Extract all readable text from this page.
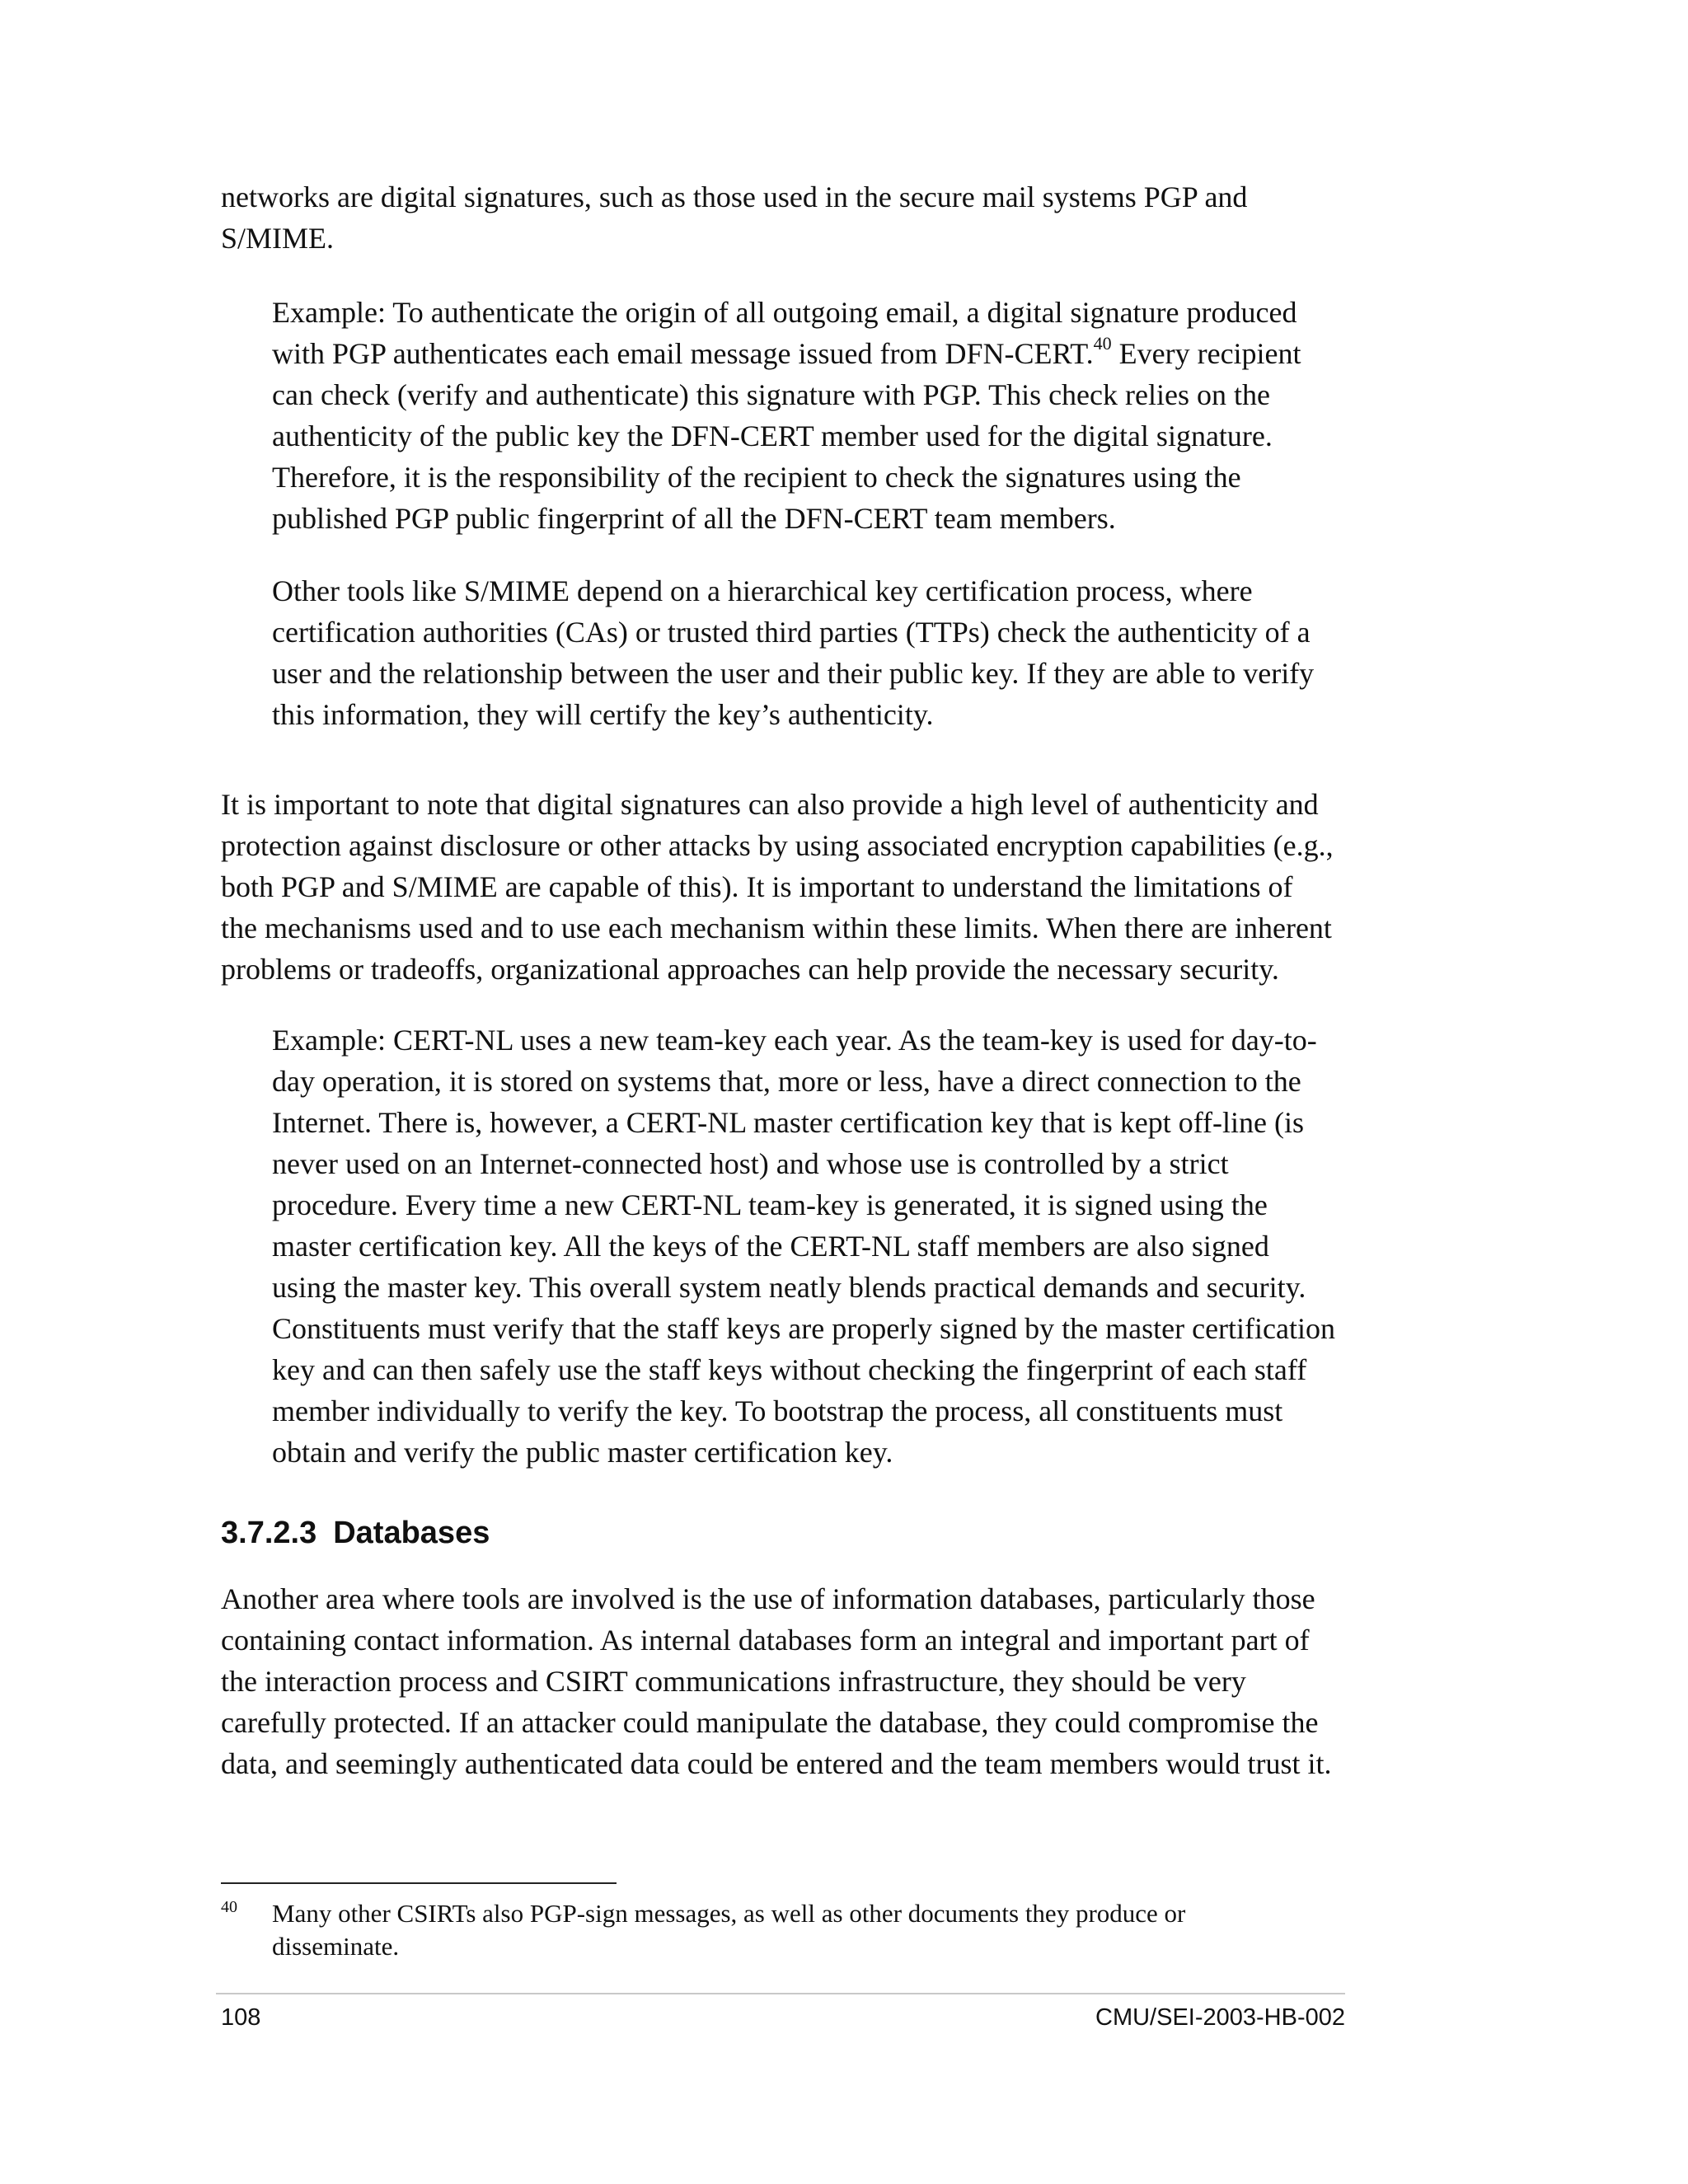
networks are digital signatures, such as those used in the secure mail systems PGP and
S/MIME.

Example: To authenticate the origin of all outgoing email, a digital signature produced
with PGP authenticates each email message issued from DFN-CERT.$^{40}$ Every recipient
can check (verify and authenticate) this signature with PGP. This check relies on the
authenticity of the public key the DFN-CERT member used for the digital signature.
Therefore, it is the responsibility of the recipient to check the signatures using the
published PGP public fingerprint of all the DFN-CERT team members.

Other tools like S/MIME depend on a hierarchical key certification process, where
certification authorities (CAs) or trusted third parties (TTPs) check the authenticity of a
user and the relationship between the user and their public key. If they are able to verify
this information, they will certify the key’s authenticity.

It is important to note that digital signatures can also provide a high level of authenticity and
protection against disclosure or other attacks by using associated encryption capabilities (e.g.,
both PGP and S/MIME are capable of this). It is important to understand the limitations of
the mechanisms used and to use each mechanism within these limits. When there are inherent
problems or tradeoffs, organizational approaches can help provide the necessary security.

Example: CERT-NL uses a new team-key each year. As the team-key is used for day-to-
day operation, it is stored on systems that, more or less, have a direct connection to the
Internet. There is, however, a CERT-NL master certification key that is kept off-line (is
never used on an Internet-connected host) and whose use is controlled by a strict
procedure. Every time a new CERT-NL team-key is generated, it is signed using the
master certification key. All the keys of the CERT-NL staff members are also signed
using the master key. This overall system neatly blends practical demands and security.
Constituents must verify that the staff keys are properly signed by the master certification
key and can then safely use the staff keys without checking the fingerprint of each staff
member individually to verify the key. To bootstrap the process, all constituents must
obtain and verify the public master certification key.

3.7.2.3 Databases

Another area where tools are involved is the use of information databases, particularly those
containing contact information. As internal databases form an integral and important part of
the interaction process and CSIRT communications infrastructure, they should be very
carefully protected. If an attacker could manipulate the database, they could compromise the
data, and seemingly authenticated data could be entered and the team members would trust it.

40 Many other CSIRTs also PGP-sign messages, as well as other documents they produce or
disseminate.
108	CMU/SEI-2003-HB-002
